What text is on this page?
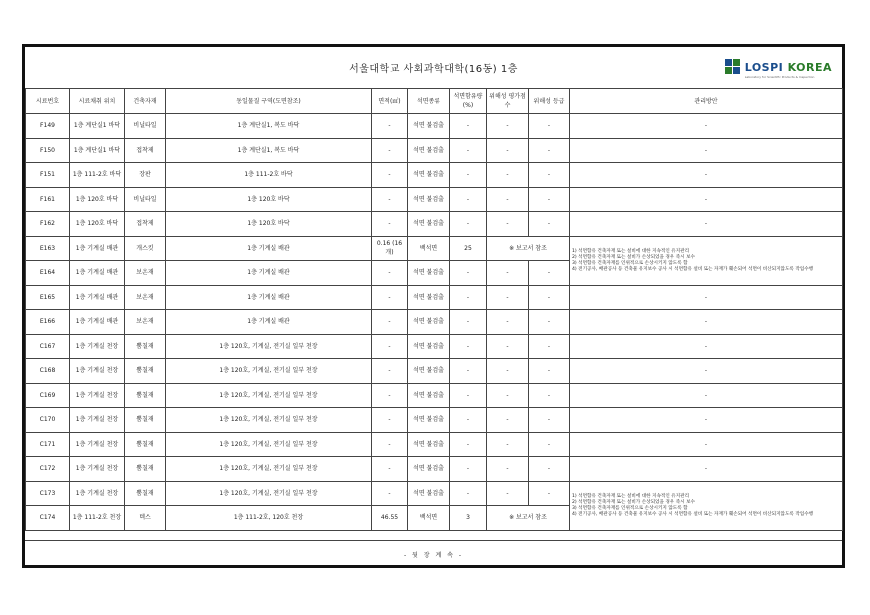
서울대학교 사회과학대학(16동) 1층	LOSPI KOREA
Laboratory for Scientific Products & Inspection
시료번호	시료채취 위치	건축자재	동일물질 구역(도면참조)	면적(㎡)	석면종류	석면함유량 (%)	위해성 평가점수	위해성 등급	관리방안
F149	1층 계단실1 바닥	비닐타일	1층 계단실1, 복도 바닥	-	석면 불검출	-	-	-	-
F150	1층 계단실1 바닥	접착제	1층 계단실1, 복도 바닥	-	석면 불검출	-	-	-	-
F151	1층 111-2호 바닥	장판	1층 111-2호 바닥	-	석면 불검출	-	-	-	-
F161	1층 120호 바닥	비닐타일	1층 120호 바닥	-	석면 불검출	-	-	-	-
F162	1층 120호 바닥	접착제	1층 120호 바닥	-	석면 불검출	-	-	-	-
E163	1층 기계실 배관	개스킷	1층 기계실 배관	0.16 (16개)	백석면	25	※ 보고서 참조		1) 석면함유 건축자재 또는 설비에 대한 지속적인 유지관리
2) 석면함유 건축자재 또는 설비가 손상되었을 경우 즉시 보수
3) 석면함유 건축자재를 인위적으로 손상시키지 않도록 함
4) 전기공사, 배관공사 등 건축물 유지보수 공사 시 석면함유 설비 또는 자재가 훼손되어 석면이 비산되지않도록 작업수행

E164	1층 기계실 배관	보온재	1층 기계실 배관	-	석면 불검출	-	-	-	
E165	1층 기계실 배관	보온재	1층 기계실 배관	-	석면 불검출	-	-	-	-
E166	1층 기계실 배관	보온재	1층 기계실 배관	-	석면 불검출	-	-	-	-
C167	1층 기계실 천장	뿜칠재	1층 120호, 기계실, 전기실 일부 천장	-	석면 불검출	-	-	-	-
C168	1층 기계실 천장	뿜칠재	1층 120호, 기계실, 전기실 일부 천장	-	석면 불검출	-	-	-	-
C169	1층 기계실 천장	뿜칠재	1층 120호, 기계실, 전기실 일부 천장	-	석면 불검출	-	-	-	-
C170	1층 기계실 천장	뿜칠재	1층 120호, 기계실, 전기실 일부 천장	-	석면 불검출	-	-	-	-
C171	1층 기계실 천장	뿜칠재	1층 120호, 기계실, 전기실 일부 천장	-	석면 불검출	-	-	-	-
C172	1층 기계실 천장	뿜칠재	1층 120호, 기계실, 전기실 일부 천장	-	석면 불검출	-	-	-	-
C173	1층 기계실 천장	뿜칠재	1층 120호, 기계실, 전기실 일부 천장	-	석면 불검출	-	-	-	1) 석면함유 건축자재 또는 설비에 대한 지속적인 유지관리
2) 석면함유 건축자재 또는 설비가 손상되었을 경우 즉시 보수
3) 석면함유 건축자재를 인위적으로 손상시키지 않도록 함
4) 전기공사, 배관공사 등 건축물 유지보수 공사 시 석면함유 설비 또는 자재가 훼손되어 석면이 비산되지않도록 작업수행

C174	1층 111-2호 천장	텍스	1층 111-2호, 120호 천장	46.55	백석면	3	※ 보고서 참조		
- 뒷 장 계 속 -
